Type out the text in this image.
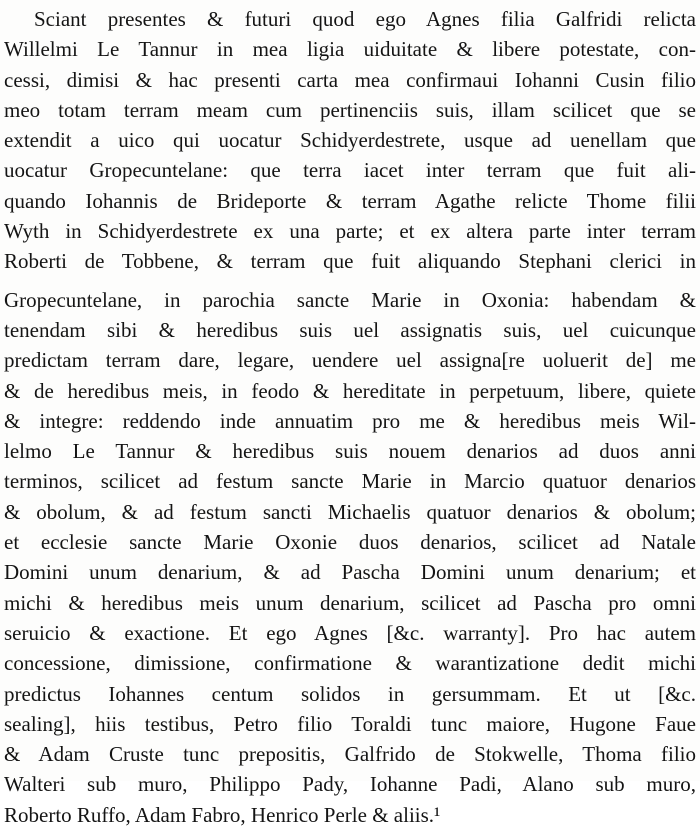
Sciant presentes & futuri quod ego Agnes filia Galfridi relicta
Willelmi Le Tannur in mea ligia uiduitate & libere potestate, con-
cessi, dimisi & hac presenti carta mea confirmaui Iohanni Cusin filio
meo totam terram meam cum pertinenciis suis, illam scilicet que se
extendit a uico qui uocatur Schidyerdestrete, usque ad uenellam que
uocatur Gropecuntelane: que terra iacet inter terram que fuit ali-
quando Iohannis de Brideporte & terram Agathe relicte Thome filii
Wyth in Schidyerdestrete ex una parte; et ex altera parte inter terram
Roberti de Tobbene, & terram que fuit aliquando Stephani clerici in
Gropecuntelane, in parochia sancte Marie in Oxonia: habendam &
tenendam sibi & heredibus suis uel assignatis suis, uel cuicunque
predictam terram dare, legare, uendere uel assigna[re uoluerit de] me
& de heredibus meis, in feodo & hereditate in perpetuum, libere, quiete
& integre: reddendo inde annuatim pro me & heredibus meis Wil-
lelmo Le Tannur & heredibus suis nouem denarios ad duos anni
terminos, scilicet ad festum sancte Marie in Marcio quatuor denarios
& obolum, & ad festum sancti Michaelis quatuor denarios & obolum;
et ecclesie sancte Marie Oxonie duos denarios, scilicet ad Natale
Domini unum denarium, & ad Pascha Domini unum denarium; et
michi & heredibus meis unum denarium, scilicet ad Pascha pro omni
seruicio & exactione. Et ego Agnes [&c. warranty]. Pro hac autem
concessione, dimissione, confirmatione & warantizatione dedit michi
predictus Iohannes centum solidos in gersummam. Et ut [&c.
sealing], hiis testibus, Petro filio Toraldi tunc maiore, Hugone Faue
& Adam Cruste tunc prepositis, Galfrido de Stokwelle, Thoma filio
Walteri sub muro, Philippo Pady, Iohanne Padi, Alano sub muro,
Roberto Ruffo, Adam Fabro, Henrico Perle & aliis.¹
